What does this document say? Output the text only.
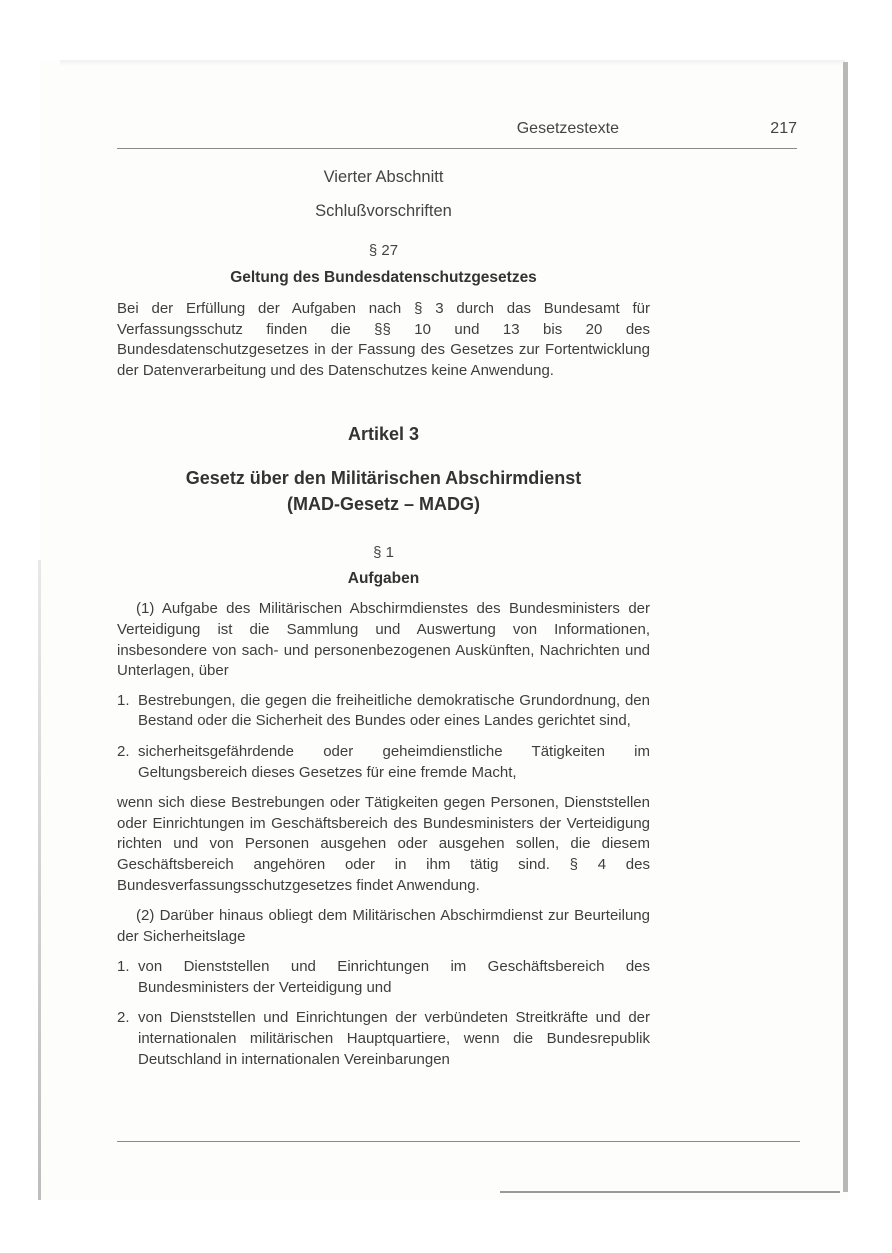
Gesetzestexte	217
Vierter Abschnitt
Schlußvorschriften
§ 27
Geltung des Bundesdatenschutzgesetzes

Bei der Erfüllung der Aufgaben nach § 3 durch das Bundesamt für Verfassungsschutz finden die §§ 10 und 13 bis 20 des Bundesdatenschutzgesetzes in der Fassung des Gesetzes zur Fortentwicklung der Datenverarbeitung und des Datenschutzes keine Anwendung.

Artikel 3
Gesetz über den Militärischen Abschirmdienst
(MAD-Gesetz – MADG)
§ 1
Aufgaben

(1) Aufgabe des Militärischen Abschirmdienstes des Bundesministers der Verteidigung ist die Sammlung und Auswertung von Informationen, insbesondere von sach- und personenbezogenen Auskünften, Nachrichten und Unterlagen, über

1. Bestrebungen, die gegen die freiheitliche demokratische Grundordnung, den Bestand oder die Sicherheit des Bundes oder eines Landes gerichtet sind,
2. sicherheitsgefährdende oder geheimdienstliche Tätigkeiten im Geltungsbereich dieses Gesetzes für eine fremde Macht,

wenn sich diese Bestrebungen oder Tätigkeiten gegen Personen, Dienststellen oder Einrichtungen im Geschäftsbereich des Bundesministers der Verteidigung richten und von Personen ausgehen oder ausgehen sollen, die diesem Geschäftsbereich angehören oder in ihm tätig sind. § 4 des Bundesverfassungsschutzgesetzes findet Anwendung.

(2) Darüber hinaus obliegt dem Militärischen Abschirmdienst zur Beurteilung der Sicherheitslage

1. von Dienststellen und Einrichtungen im Geschäftsbereich des Bundesministers der Verteidigung und
2. von Dienststellen und Einrichtungen der verbündeten Streitkräfte und der internationalen militärischen Hauptquartiere, wenn die Bundesrepublik Deutschland in internationalen Vereinbarungen
